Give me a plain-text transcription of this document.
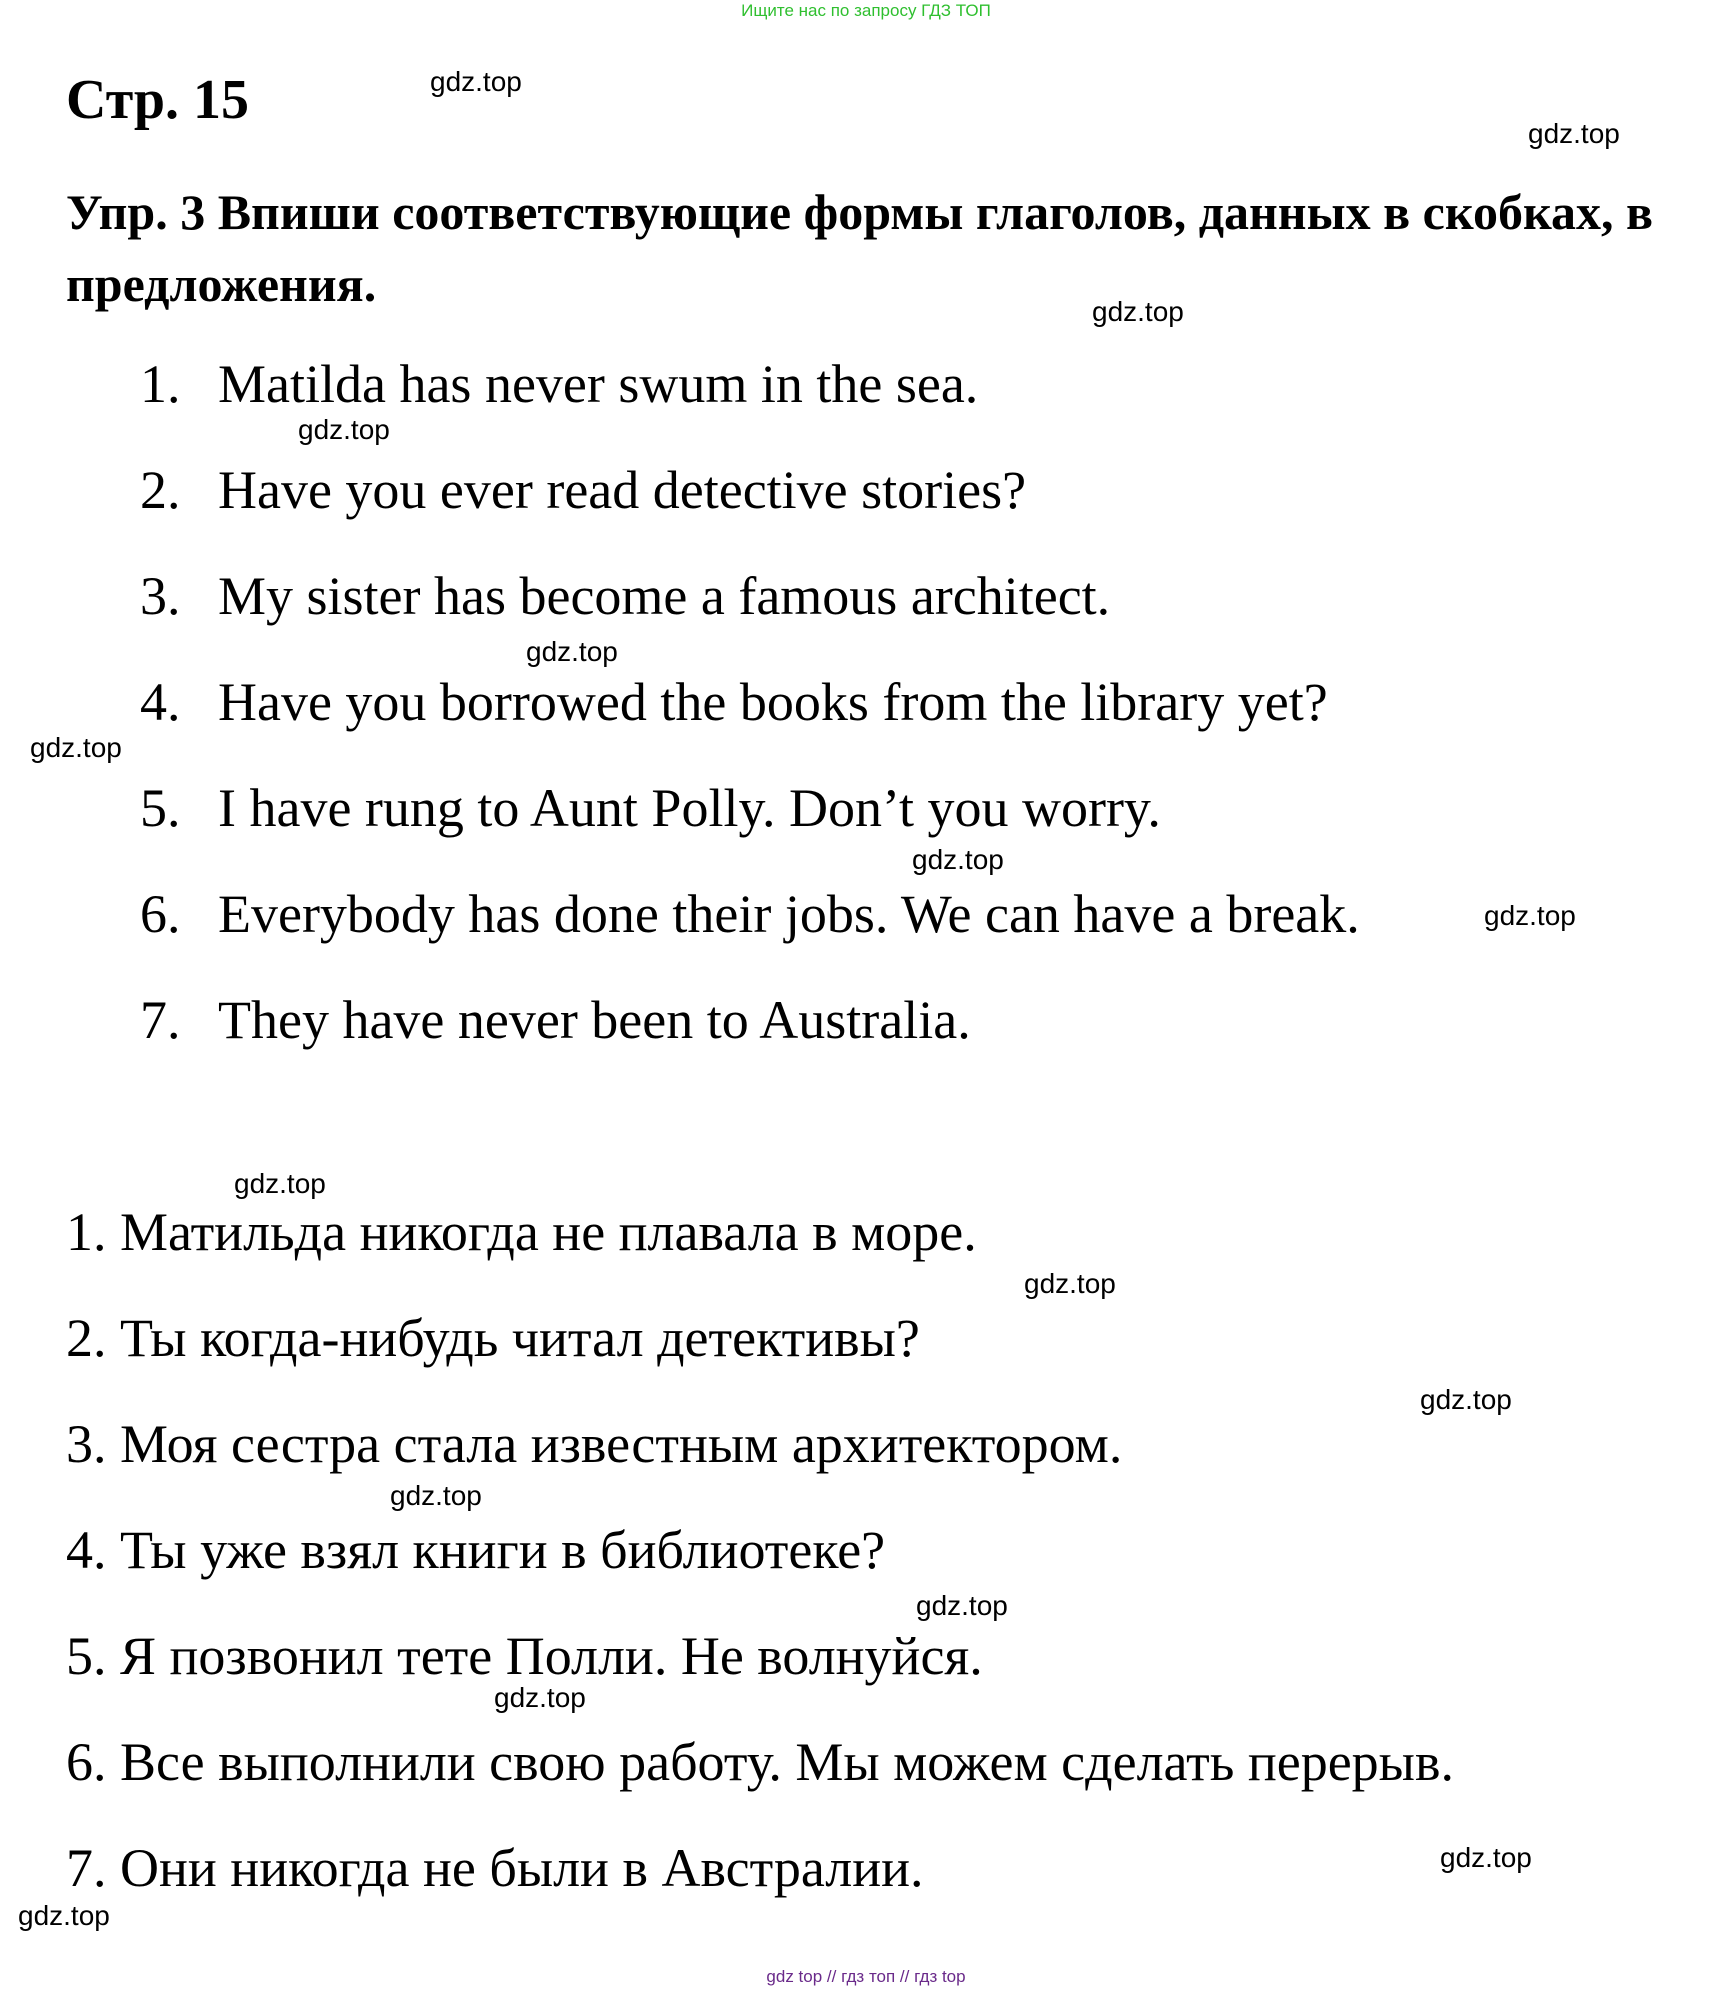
Ищите нас по запросу ГДЗ ТОП
Стр. 15
Упр. 3 Впиши соответствующие формы глаголов, данных в скобках, в предложения.
1. Matilda has never swum in the sea.
2. Have you ever read detective stories?
3. My sister has become a famous architect.
4. Have you borrowed the books from the library yet?
5. I have rung to Aunt Polly. Don’t you worry.
6. Everybody has done their jobs. We can have a break.
7. They have never been to Australia.
1. Матильда никогда не плавала в море.
2. Ты когда-нибудь читал детективы?
3. Моя сестра стала известным архитектором.
4. Ты уже взял книги в библиотеке?
5. Я позвонил тете Полли. Не волнуйся.
6. Все выполнили свою работу. Мы можем сделать перерыв.
7. Они никогда не были в Австралии.
gdz.top
gdz.top
gdz.top
gdz.top
gdz.top
gdz.top
gdz.top
gdz.top
gdz.top
gdz.top
gdz.top
gdz.top
gdz.top
gdz.top
gdz.top
gdz.top
gdz top // гдз топ // гдз top
